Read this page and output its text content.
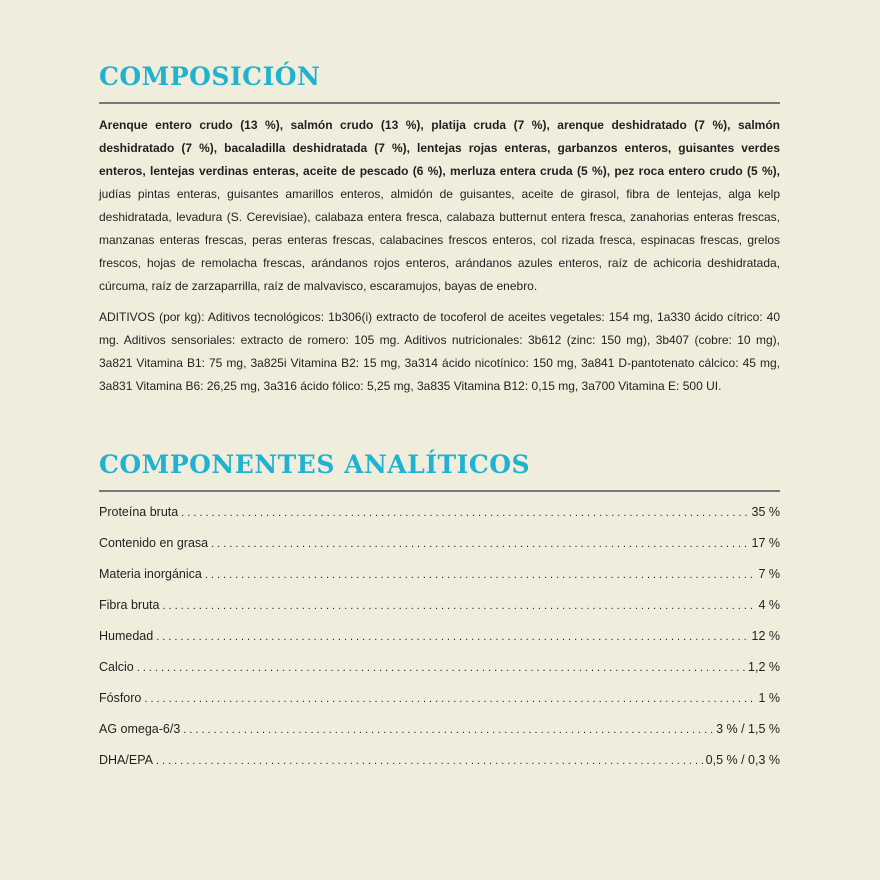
COMPOSICIÓN

Arenque entero crudo (13 %), salmón crudo (13 %), platija cruda (7 %), arenque deshidratado (7 %), salmón deshidratado (7 %), bacaladilla deshidratada (7 %), lentejas rojas enteras, garbanzos enteros, guisantes verdes enteros, lentejas verdinas enteras, aceite de pescado (6 %), merluza entera cruda (5 %), pez roca entero crudo (5 %), judías pintas enteras, guisantes amarillos enteros, almidón de guisantes, aceite de girasol, fibra de lentejas, alga kelp deshidratada, levadura (S. Cerevisiae), calabaza entera fresca, calabaza butternut entera fresca, zanahorias enteras frescas, manzanas enteras frescas, peras enteras frescas, calabacines frescos enteros, col rizada fresca, espinacas frescas, grelos frescos, hojas de remolacha frescas, arándanos rojos enteros, arándanos azules enteros, raíz de achicoria deshidratada, cúrcuma, raíz de zarzaparrilla, raíz de malvavisco, escaramujos, bayas de enebro.

ADITIVOS (por kg): Aditivos tecnológicos: 1b306(i) extracto de tocoferol de aceites vegetales: 154 mg, 1a330 ácido cítrico: 40 mg. Aditivos sensoriales: extracto de romero: 105 mg. Aditivos nutricionales: 3b612 (zinc: 150 mg), 3b407 (cobre: 10 mg), 3a821 Vitamina B1: 75 mg, 3a825i Vitamina B2: 15 mg, 3a314 ácido nicotínico: 150 mg, 3a841 D-pantotenato cálcico: 45 mg, 3a831 Vitamina B6: 26,25 mg, 3a316 ácido fólico: 5,25 mg, 3a835 Vitamina B12: 0,15 mg, 3a700 Vitamina E: 500 UI.

COMPONENTES ANALÍTICOS
Proteína bruta .....	35 %
Contenido en grasa .....	17 %
Materia inorgánica .....	7 %
Fibra bruta .....	4 %
Humedad .....	12 %
Calcio .....	1,2 %
Fósforo .....	1 %
AG omega-6/3 .....	3 % / 1,5 %
DHA/EPA .....	0,5 % / 0,3 %
